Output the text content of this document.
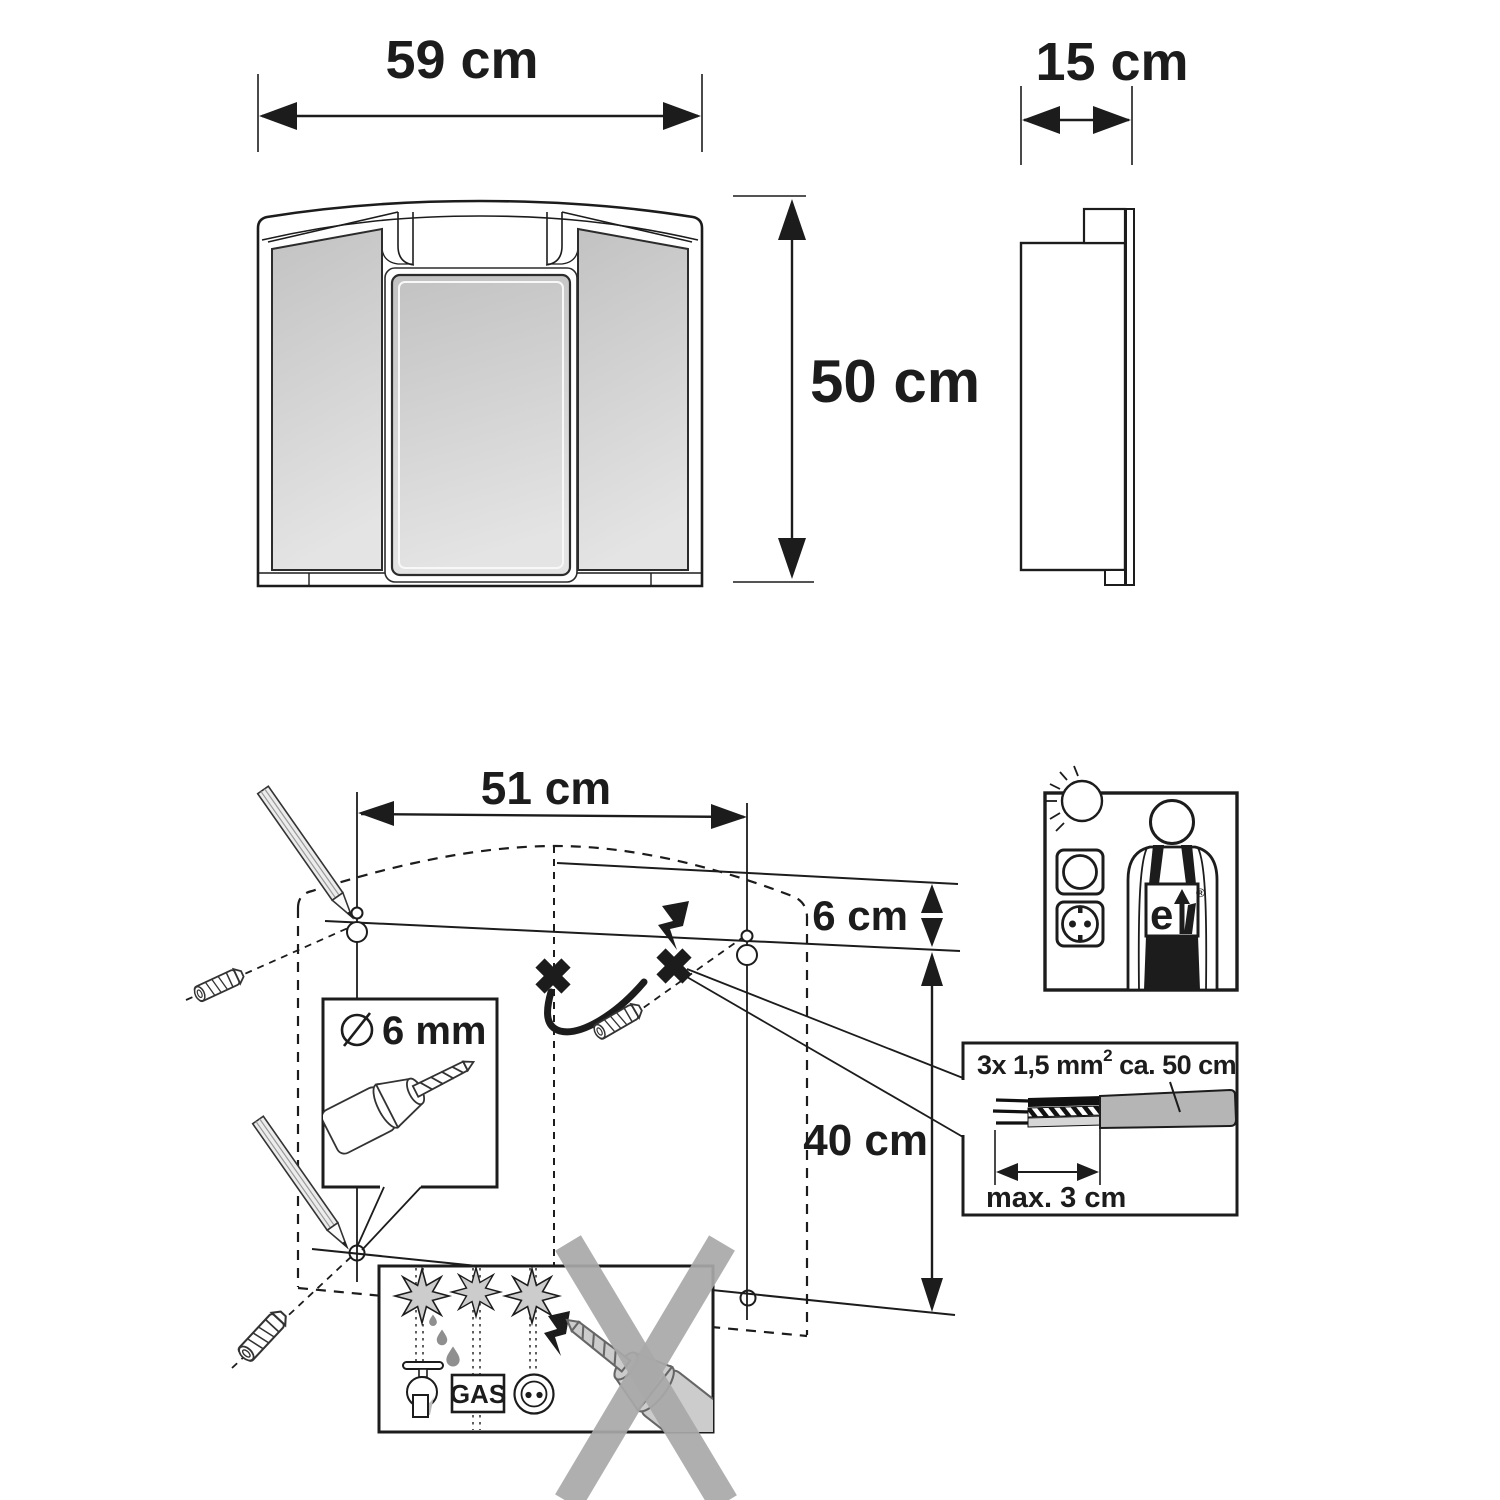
59 cm
50 cm
15 cm
51 cm
6 mm
6 cm
40 cm
3x 1,5 $mm^2$ ca. 50 cm
max. 3 cm
GAS
e ®
